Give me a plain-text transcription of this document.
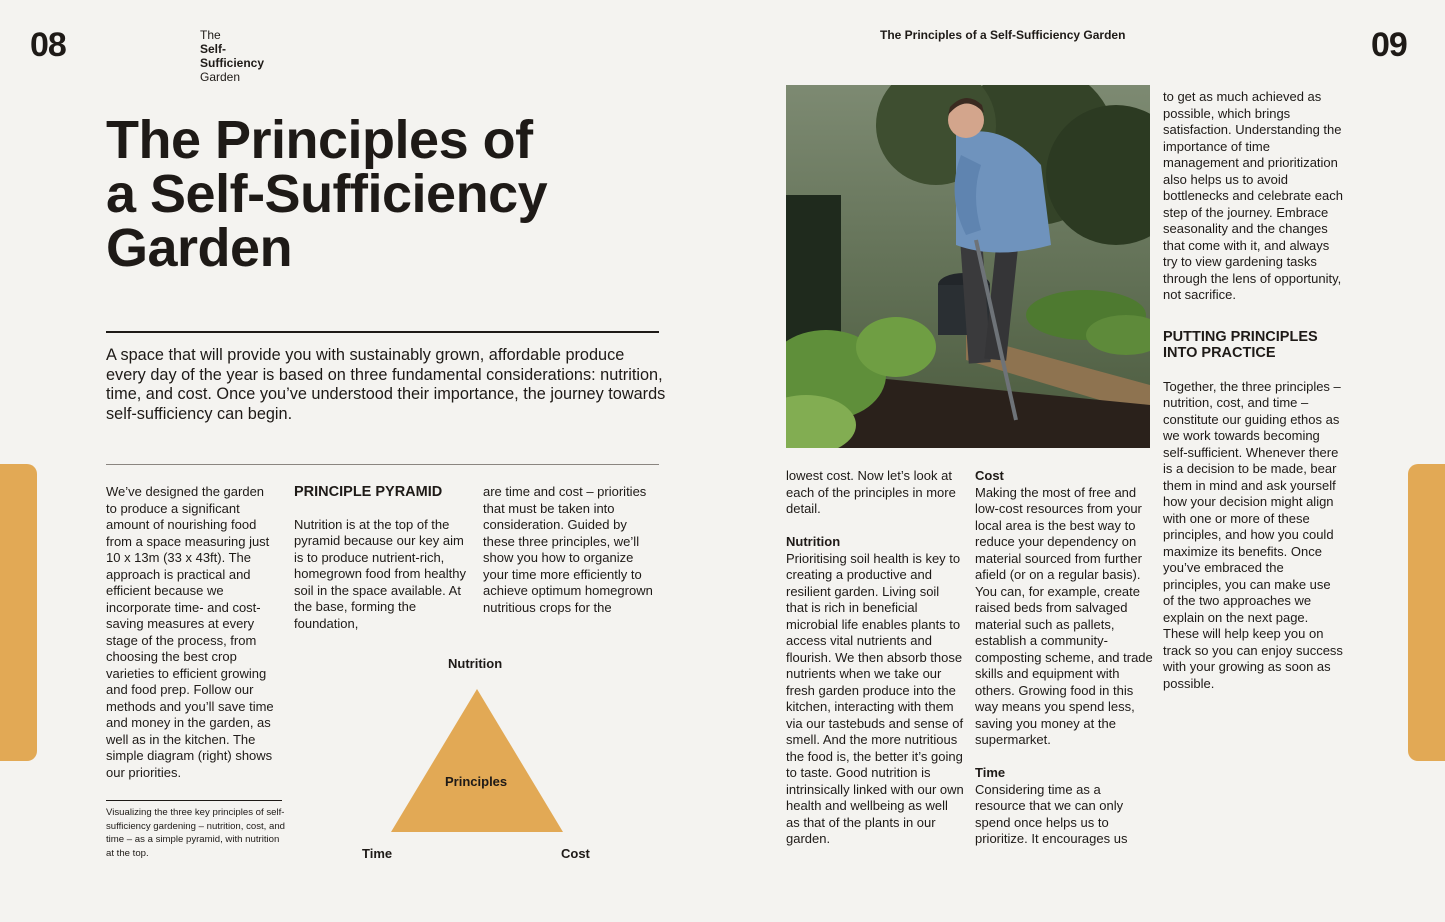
08	The
Self-
Sufficiency
Garden
The Principles of
a Self-Sufficiency
Garden
A space that will provide you with sustainably grown, affordable produce every day of the year is based on three fundamental considerations: nutrition, time, and cost. Once you’ve understood their importance, the journey towards self-sufficiency can begin.
We’ve designed the garden to produce a significant amount of nourishing food from a space measuring just 10 x 13m (33 x 43ft). The approach is practical and efficient because we incorporate time- and cost-saving measures at every stage of the process, from choosing the best crop varieties to efficient growing and food prep. Follow our methods and you’ll save time and money in the garden, as well as in the kitchen. The simple diagram (right) shows our priorities.
PRINCIPLE PYRAMID

Nutrition is at the top of the pyramid because our key aim is to produce nutrient-rich, homegrown food from healthy soil in the space available. At the base, forming the foundation,

are time and cost – priorities that must be taken into consideration. Guided by these three principles, we’ll show you how to organize your time more efficiently to achieve optimum homegrown nutritious crops for the
Visualizing the three key principles of self-sufficiency gardening – nutrition, cost, and time – as a simple pyramid, with nutrition at the top.
Nutrition
Principles
Time	Cost
The Principles of a Self-Sufficiency Garden	09

lowest cost. Now let’s look at each of the principles in more detail.

Nutrition

Prioritising soil health is key to creating a productive and resilient garden. Living soil that is rich in beneficial microbial life enables plants to access vital nutrients and flourish. We then absorb those nutrients when we take our fresh garden produce into the kitchen, interacting with them via our tastebuds and sense of smell. And the more nutritious the food is, the better it’s going to taste. Good nutrition is intrinsically linked with our own health and wellbeing as well as that of the plants in our garden.

Cost

Making the most of free and low-cost resources from your local area is the best way to reduce your dependency on material sourced from further afield (or on a regular basis). You can, for example, create raised beds from salvaged material such as pallets, establish a community-composting scheme, and trade skills and equipment with others. Growing food in this way means you spend less, saving you money at the supermarket.

Time

Considering time as a resource that we can only spend once helps us to prioritize. It encourages us

to get as much achieved as possible, which brings satisfaction. Understanding the importance of time management and prioritization also helps us to avoid bottlenecks and celebrate each step of the journey. Embrace seasonality and the changes that come with it, and always try to view gardening tasks through the lens of opportunity, not sacrifice.

PUTTING PRINCIPLES INTO PRACTICE

Together, the three principles – nutrition, cost, and time – constitute our guiding ethos as we work towards becoming self-sufficient. Whenever there is a decision to be made, bear them in mind and ask yourself how your decision might align with one or more of these principles, and how you could maximize its benefits. Once you’ve embraced the principles, you can make use of the two approaches we explain on the next page. These will help keep you on track so you can enjoy success with your growing as soon as possible.
